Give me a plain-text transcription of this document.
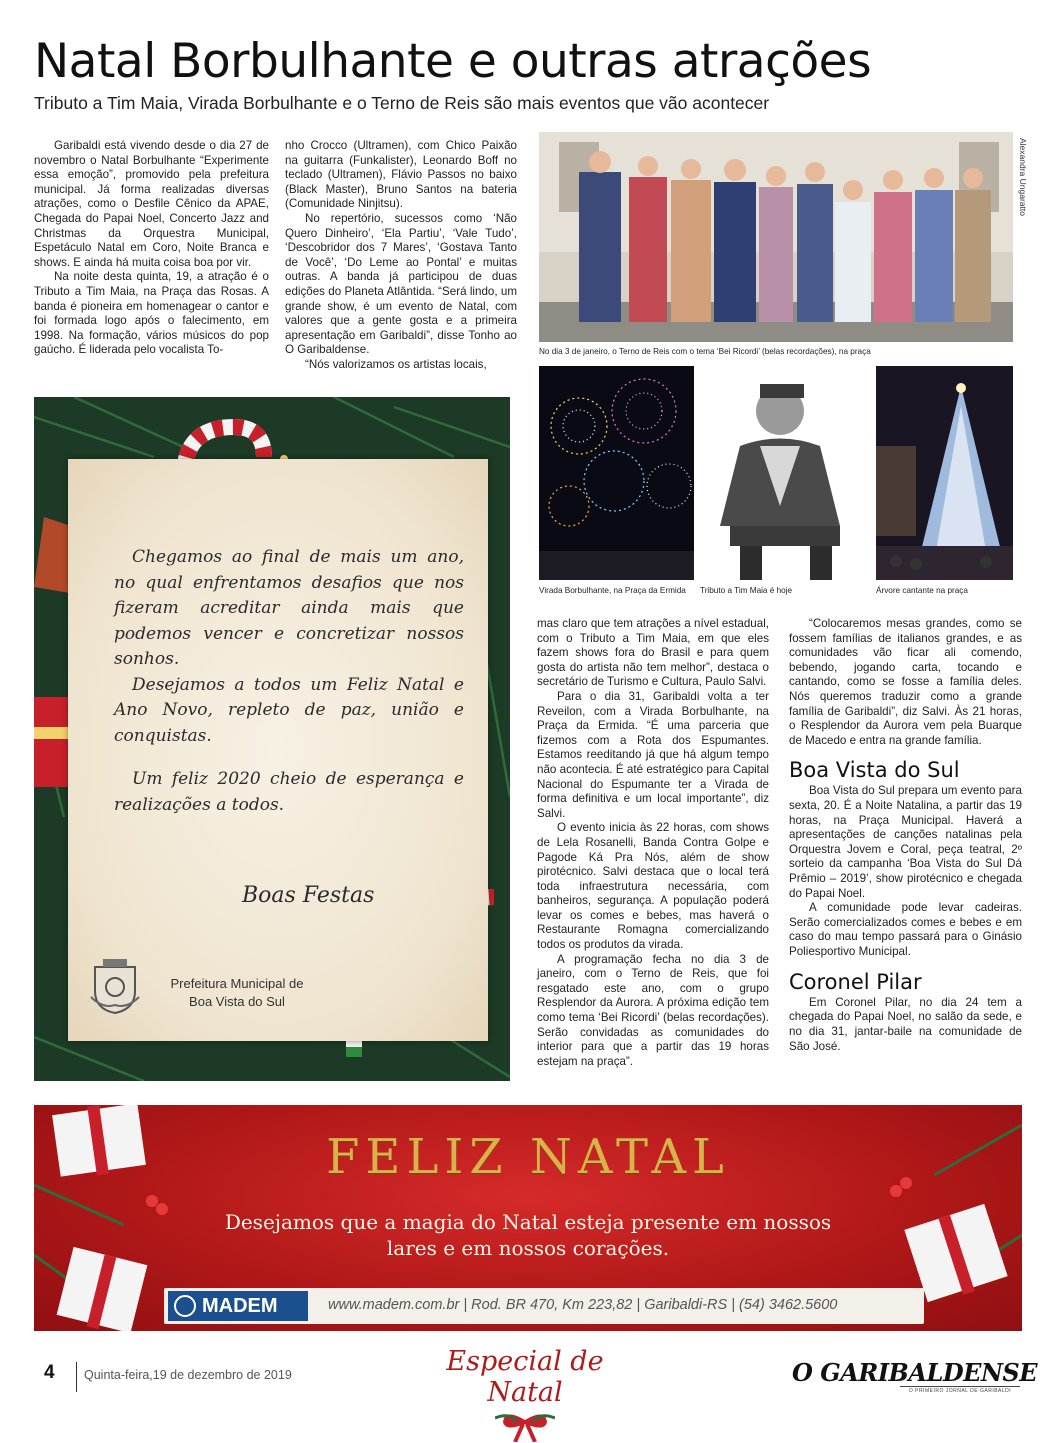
Natal Borbulhante e outras atrações
Tributo a Tim Maia, Virada Borbulhante e o Terno de Reis são mais eventos que vão acontecer

Garibaldi está vivendo desde o dia 27 de novembro o Natal Borbulhante “Experimente essa emoção”, promovido pela prefeitura municipal. Já forma realizadas diversas atrações, como o Desfile Cênico da APAE, Chegada do Papai Noel, Concerto Jazz and Christmas da Orquestra Municipal, Espetáculo Natal em Coro, Noite Branca e shows. E ainda há muita coisa boa por vir.

Na noite desta quinta, 19, a atração é o Tributo a Tim Maia, na Praça das Rosas. A banda é pioneira em homenagear o cantor e foi formada logo após o falecimento, em 1998. Na formação, vários músicos do pop gaúcho. É liderada pelo vocalista To-

nho Crocco (Ultramen), com Chico Paixão na guitarra (Funkalister), Leonardo Boff no teclado (Ultramen), Flávio Passos no baixo (Black Master), Bruno Santos na bateria (Comunidade Ninjitsu).

No repertório, sucessos como ‘Não Quero Dinheiro’, ‘Ela Partiu’, ‘Vale Tudo’, ‘Descobridor dos 7 Mares’, ‘Gostava Tanto de Você’, ‘Do Leme ao Pontal’ e muitas outras. A banda já participou de duas edições do Planeta Atlântida. “Será lindo, um grande show, é um evento de Natal, com valores que a gente gosta e a primeira apresentação em Garibaldi”, disse Tonho ao O Garibaldense.

“Nós valorizamos os artistas locais,

Alexandra Ungaratto
No dia 3 de janeiro, o Terno de Reis com o tema ‘Bei Ricordi’ (belas recordações), na praça
Virada Borbulhante, na Praça da Ermida	Tributo a Tim Maia é hoje	Árvore cantante na praça

mas claro que tem atrações a nível estadual, com o Tributo a Tim Maia, em que eles fazem shows fora do Brasil e para quem gosta do artista não tem melhor”, destaca o secretário de Turismo e Cultura, Paulo Salvi.

Para o dia 31, Garibaldi volta a ter Reveilon, com a Virada Borbulhante, na Praça da Ermida. “É uma parceria que fizemos com a Rota dos Espumantes. Estamos reeditando já que há algum tempo não acontecia. É até estratégico para Capital Nacional do Espumante ter a Virada de forma definitiva e um local importante”, diz Salvi.

O evento inicia às 22 horas, com shows de Lela Rosanelli, Banda Contra Golpe e Pagode Ká Pra Nós, além de show pirotécnico. Salvi destaca que o local terá toda infraestrutura necessária, com banheiros, segurança. A população poderá levar os comes e bebes, mas haverá o Restaurante Romagna comercializando todos os produtos da virada.

A programação fecha no dia 3 de janeiro, com o Terno de Reis, que foi resgatado este ano, com o grupo Resplendor da Aurora. A próxima edição tem como tema ‘Bei Ricordi’ (belas recordações). Serão convidadas as comunidades do interior para que a partir das 19 horas estejam na praça”.

“Colocaremos mesas grandes, como se fossem famílias de italianos grandes, e as comunidades vão ficar ali comendo, bebendo, jogando carta, tocando e cantando, como se fosse a família deles. Nós queremos traduzir como a grande família de Garibaldi”, diz Salvi. Às 21 horas, o Resplendor da Aurora vem pela Buarque de Macedo e entra na grande família.

Boa Vista do Sul

Boa Vista do Sul prepara um evento para sexta, 20. É a Noite Natalina, a partir das 19 horas, na Praça Municipal. Haverá a apresentações de canções natalinas pela Orquestra Jovem e Coral, peça teatral, 2º sorteio da campanha ‘Boa Vista do Sul Dá Prêmio – 2019’, show pirotécnico e chegada do Papai Noel.

A comunidade pode levar cadeiras. Serão comercializados comes e bebes e em caso do mau tempo passará para o Ginásio Poliesportivo Municipal.

Coronel Pilar

Em Coronel Pilar, no dia 24 tem a chegada do Papai Noel, no salão da sede, e no dia 31, jantar-baile na comunidade de São José.

Chegamos ao final de mais um ano, no qual enfrentamos desafios que nos fizeram acreditar ainda mais que podemos vencer e concretizar nossos sonhos.

Desejamos a todos um Feliz Natal e Ano Novo, repleto de paz, união e conquistas.

Um feliz 2020 cheio de esperança e realizações a todos.

Boas Festas
Prefeitura Municipal de
Boa Vista do Sul
FELIZ NATAL
Desejamos que a magia do Natal esteja presente em nossos
lares e em nossos corações.
MADEM	www.madem.com.br | Rod. BR 470, Km 223,82 | Garibaldi-RS | (54) 3462.5600
4 Quinta-feira,19 de dezembro de 2019	Especial de Natal
O GARIBALDENSE
O PRIMEIRO JORNAL DE GARIBALDI
